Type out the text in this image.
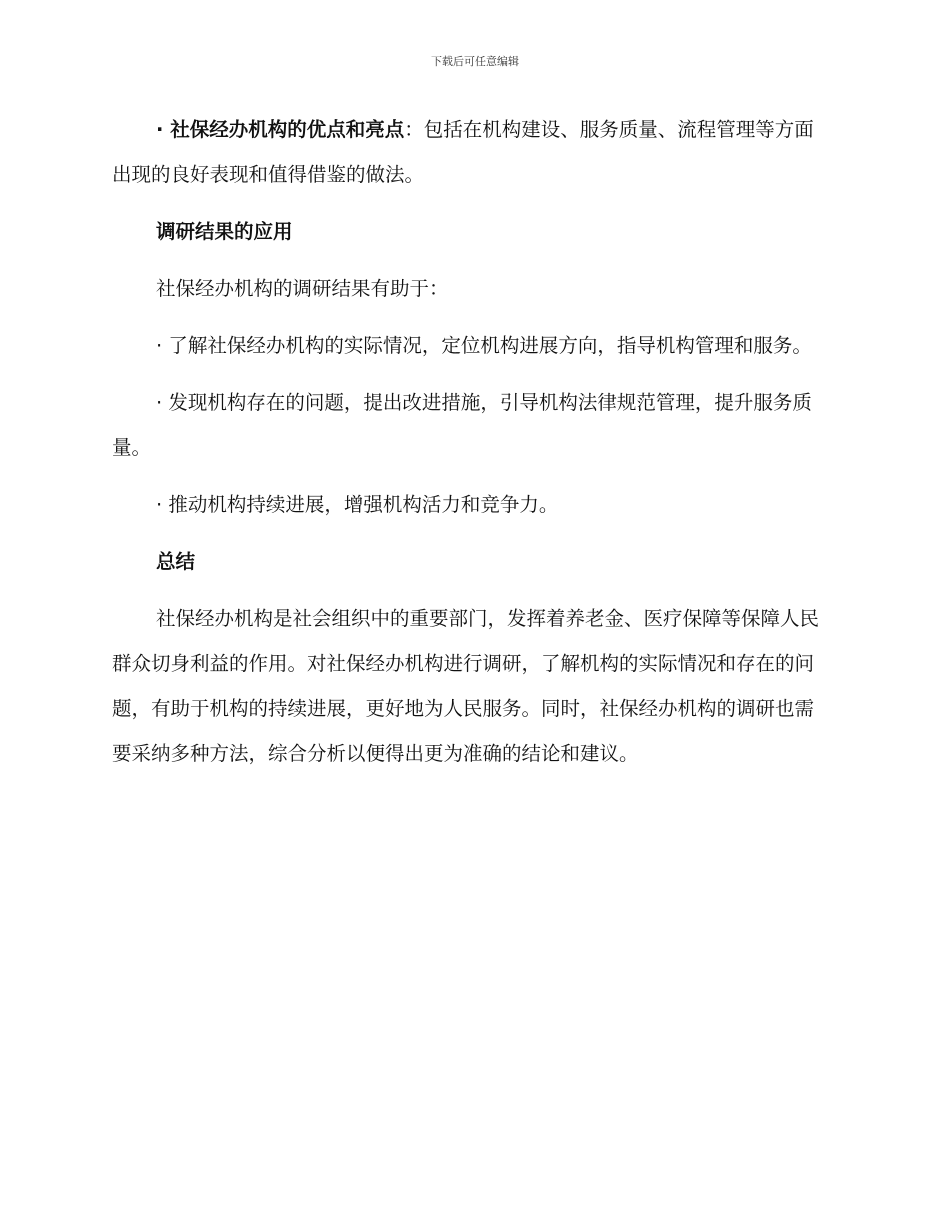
下载后可任意编辑

· 社保经办机构的优点和亮点：包括在机构建设、服务质量、流程管理等方面出现的良好表现和值得借鉴的做法。

调研结果的应用

社保经办机构的调研结果有助于：

· 了解社保经办机构的实际情况，定位机构进展方向，指导机构管理和服务。

· 发现机构存在的问题，提出改进措施，引导机构法律规范管理，提升服务质量。

· 推动机构持续进展，增强机构活力和竞争力。

总结

社保经办机构是社会组织中的重要部门，发挥着养老金、医疗保障等保障人民群众切身利益的作用。对社保经办机构进行调研，了解机构的实际情况和存在的问题，有助于机构的持续进展，更好地为人民服务。同时，社保经办机构的调研也需要采纳多种方法，综合分析以便得出更为准确的结论和建议。
